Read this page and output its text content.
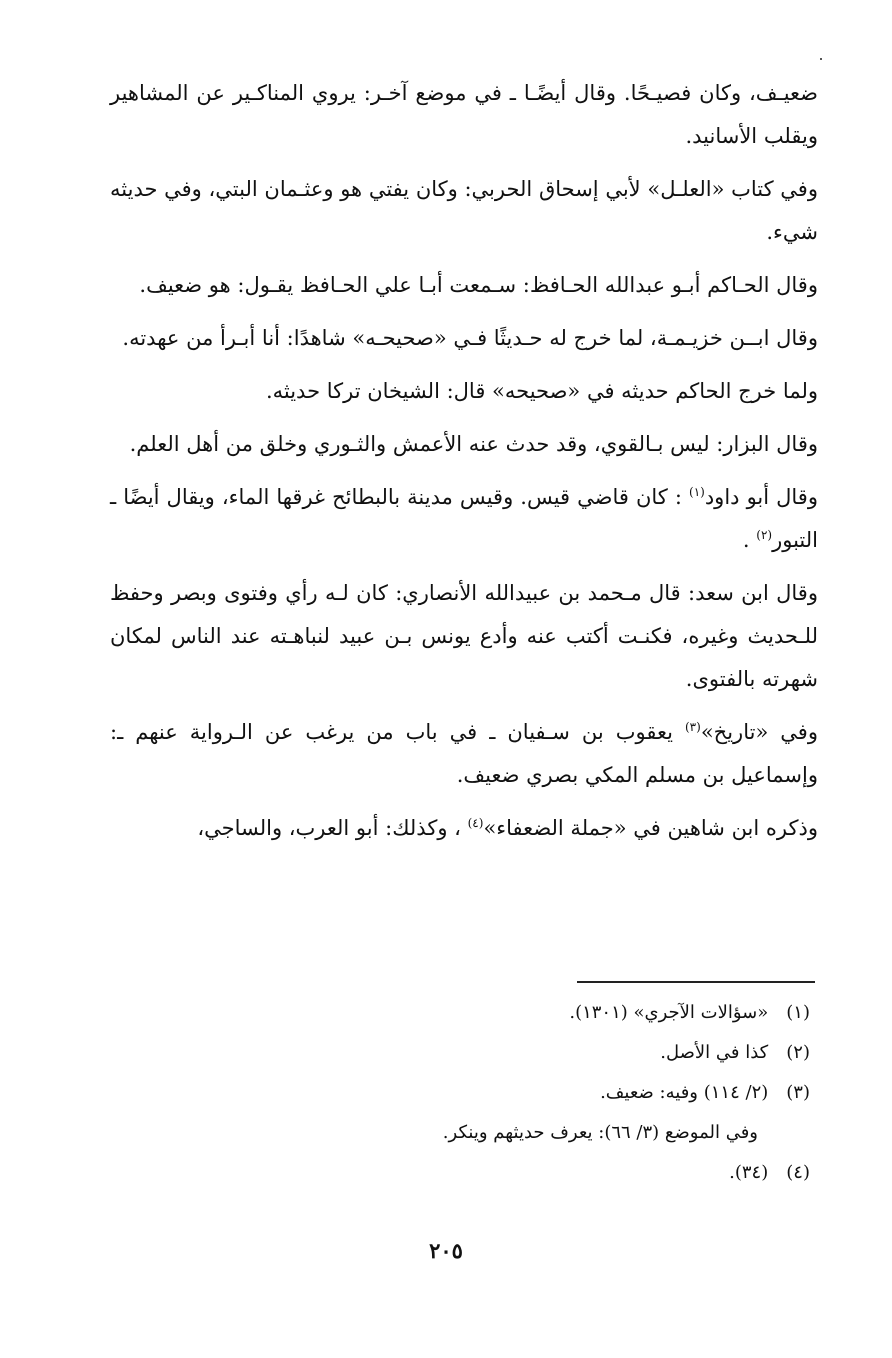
ضعيـف، وكان فصيـحًا. وقال أيضًـا ـ في موضع آخـر: يروي المناكـير عن المشاهير ويقلب الأسانيد.

وفي كتاب «العلـل» لأبي إسحاق الحربي: وكان يفتي هو وعثـمان البتي، وفي حديثه شيء.

وقال الحـاكم أبـو عبدالله الحـافظ: سـمعت أبـا علي الحـافظ يقـول: هو ضعيف.

وقال ابــن خزيـمـة، لما خرج له حـديثًا فـي «صحيحـه» شاهدًا: أنا أبـرأ من عهدته.

ولما خرج الحاكم حديثه في «صحيحه» قال: الشيخان تركا حديثه.

وقال البزار: ليس بـالقوي، وقد حدث عنه الأعمش والثـوري وخلق من أهل العلم.

وقال أبو داود$^{(١)}$ : كان قاضي قيس. وقيس مدينة بالبطائح غرقها الماء، ويقال أيضًا ـ التبور$^{(٢)}$ .

وقال ابن سعد: قال مـحمد بن عبيدالله الأنصاري: كان لـه رأي وفتوى وبصر وحفظ للـحديث وغيره، فكنـت أكتب عنه وأدع يونس بـن عبيد لنباهـته عند الناس لمكان شهرته بالفتوى.

وفي «تاريخ»$^{(٣)}$ يعقوب بن سـفيان ـ في باب من يرغب عن الـرواية عنهم ـ: وإسماعيل بن مسلم المكي بصري ضعيف.

وذكره ابن شاهين في «جملة الضعفاء»$^{(٤)}$ ، وكذلك: أبو العرب، والساجي،

(١) «سؤالات الآجري» (١٣٠١).

(٢) كذا في الأصل.

(٣) (٢/ ١١٤) وفيه: ضعيف.

وفي الموضع (٣/ ٦٦): يعرف حديثهم وينكر.

(٤) (٣٤).

٢٠٥
